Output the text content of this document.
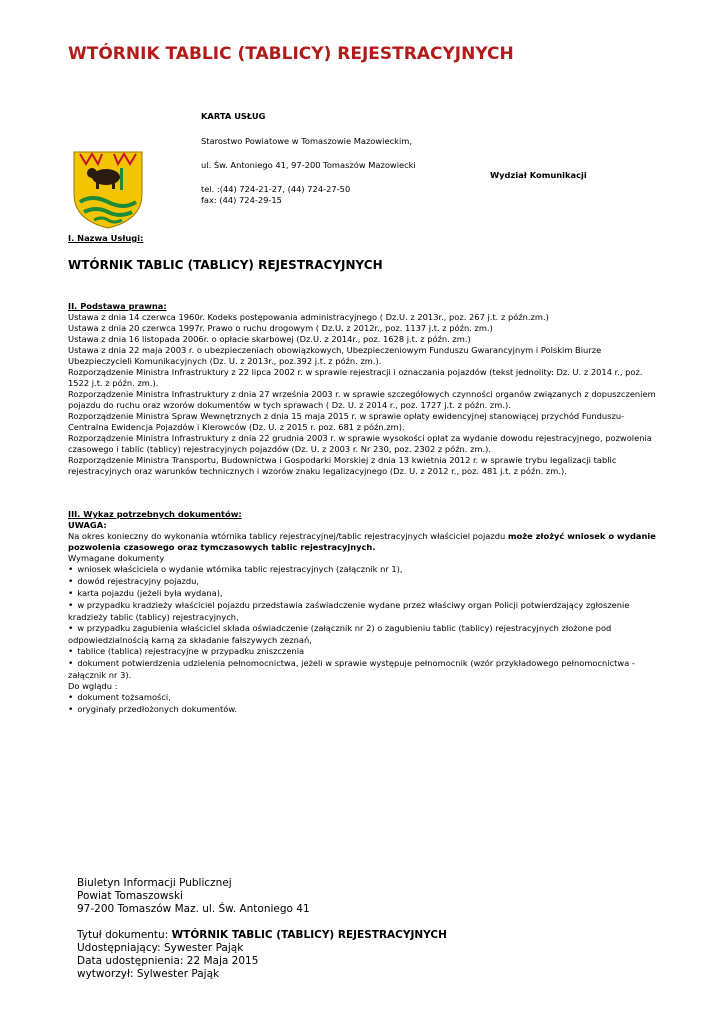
WTÓRNIK TABLIC (TABLICY) REJESTRACYJNYCH
KARTA USŁUG
Starostwo Powiatowe w Tomaszowie Mazowieckim,
ul. Św. Antoniego 41, 97-200 Tomaszów Mazowiecki
tel. :(44) 724-21-27, (44) 724-27-50
fax: (44) 724-29-15
Wydział Komunikacji
I. Nazwa Usługi:
WTÓRNIK TABLIC (TABLICY) REJESTRACYJNYCH
II. Podstawa prawna:
Ustawa z dnia 14 czerwca 1960r. Kodeks postępowania administracyjnego ( Dz.U. z 2013r., poz. 267 j.t. z późn.zm.)
Ustawa z dnia 20 czerwca 1997r. Prawo o ruchu drogowym ( Dz.U. z 2012r., poz. 1137 j.t. z późn. zm.)
Ustawa z dnia 16 listopada 2006r. o opłacie skarbowej (Dz.U. z 2014r., poz. 1628 j.t. z późn. zm.)
Ustawa z dnia 22 maja 2003 r. o ubezpieczeniach obowiązkowych, Ubezpieczeniowym Funduszu Gwarancyjnym i Polskim Biurze Ubezpieczycieli Komunikacyjnych (Dz. U. z 2013r., poz.392 j.t. z późn. zm.).
Rozporządzenie Ministra Infrastruktury z 22 lipca 2002 r. w sprawie rejestracji i oznaczania pojazdów (tekst jednolity: Dz. U. z 2014 r., poz. 1522 j.t. z późn. zm.).
Rozporządzenie Ministra Infrastruktury z dnia 27 września 2003 r. w sprawie szczegółowych czynności organów związanych z dopuszczeniem pojazdu do ruchu oraz wzorów dokumentów w tych sprawach ( Dz. U. z 2014 r., poz. 1727 j.t. z późn. zm.).
Rozporządzenie Ministra Spraw Wewnętrznych z dnia 15 maja 2015 r. w sprawie opłaty ewidencyjnej stanowiącej przychód Funduszu-Centralna Ewidencja Pojazdów i Kierowców (Dz. U. z 2015 r. poz. 681 z późn.zm).
Rozporządzenie Ministra Infrastruktury z dnia 22 grudnia 2003 r. w sprawie wysokości opłat za wydanie dowodu rejestracyjnego, pozwolenia czasowego i tablic (tablicy) rejestracyjnych pojazdów (Dz. U. z 2003 r. Nr 230, poz. 2302 z późn. zm.).
Rozporządzenie Ministra Transportu, Budownictwa i Gospodarki Morskiej z dnia 13 kwietnia 2012 r. w sprawie trybu legalizacji tablic rejestracyjnych oraz warunków technicznych i wzorów znaku legalizacyjnego (Dz. U. z 2012 r., poz. 481 j.t. z późn. zm.).
III. Wykaz potrzebnych dokumentów:
UWAGA:
Na okres konieczny do wykonania wtórnika tablicy rejestracyjnej/tablic rejestracyjnych właściciel pojazdu może złożyć wniosek o wydanie pozwolenia czasowego oraz tymczasowych tablic rejestracyjnych.
Wymagane dokumenty
• wniosek właściciela o wydanie wtórnika tablic rejestracyjnych (załącznik nr 1),
• dowód rejestracyjny pojazdu,
• karta pojazdu (jeżeli była wydana),
• w przypadku kradzieży właściciel pojazdu przedstawia zaświadczenie wydane przez właściwy organ Policji potwierdzający zgłoszenie kradzieży tablic (tablicy) rejestracyjnych,
• w przypadku zagubienia właściciel składa oświadczenie (załącznik nr 2) o zagubieniu tablic (tablicy) rejestracyjnych złożone pod odpowiedzialnością karną za składanie fałszywych zeznań,
• tablice (tablica) rejestracyjne w przypadku zniszczenia
• dokument potwierdzenia udzielenia pełnomocnictwa, jeżeli w sprawie występuje pełnomocnik (wzór przykładowego pełnomocnictwa - załącznik nr 3).
Do wglądu :
• dokument tożsamości,
• oryginały przedłożonych dokumentów.
Biuletyn Informacji Publicznej
Powiat Tomaszowski
97-200 Tomaszów Maz. ul. Św. Antoniego 41
Tytuł dokumentu: WTÓRNIK TABLIC (TABLICY) REJESTRACYJNYCH
Udostępniający: Sywester Pająk
Data udostępnienia: 22 Maja 2015
wytworzył: Sylwester Pająk
